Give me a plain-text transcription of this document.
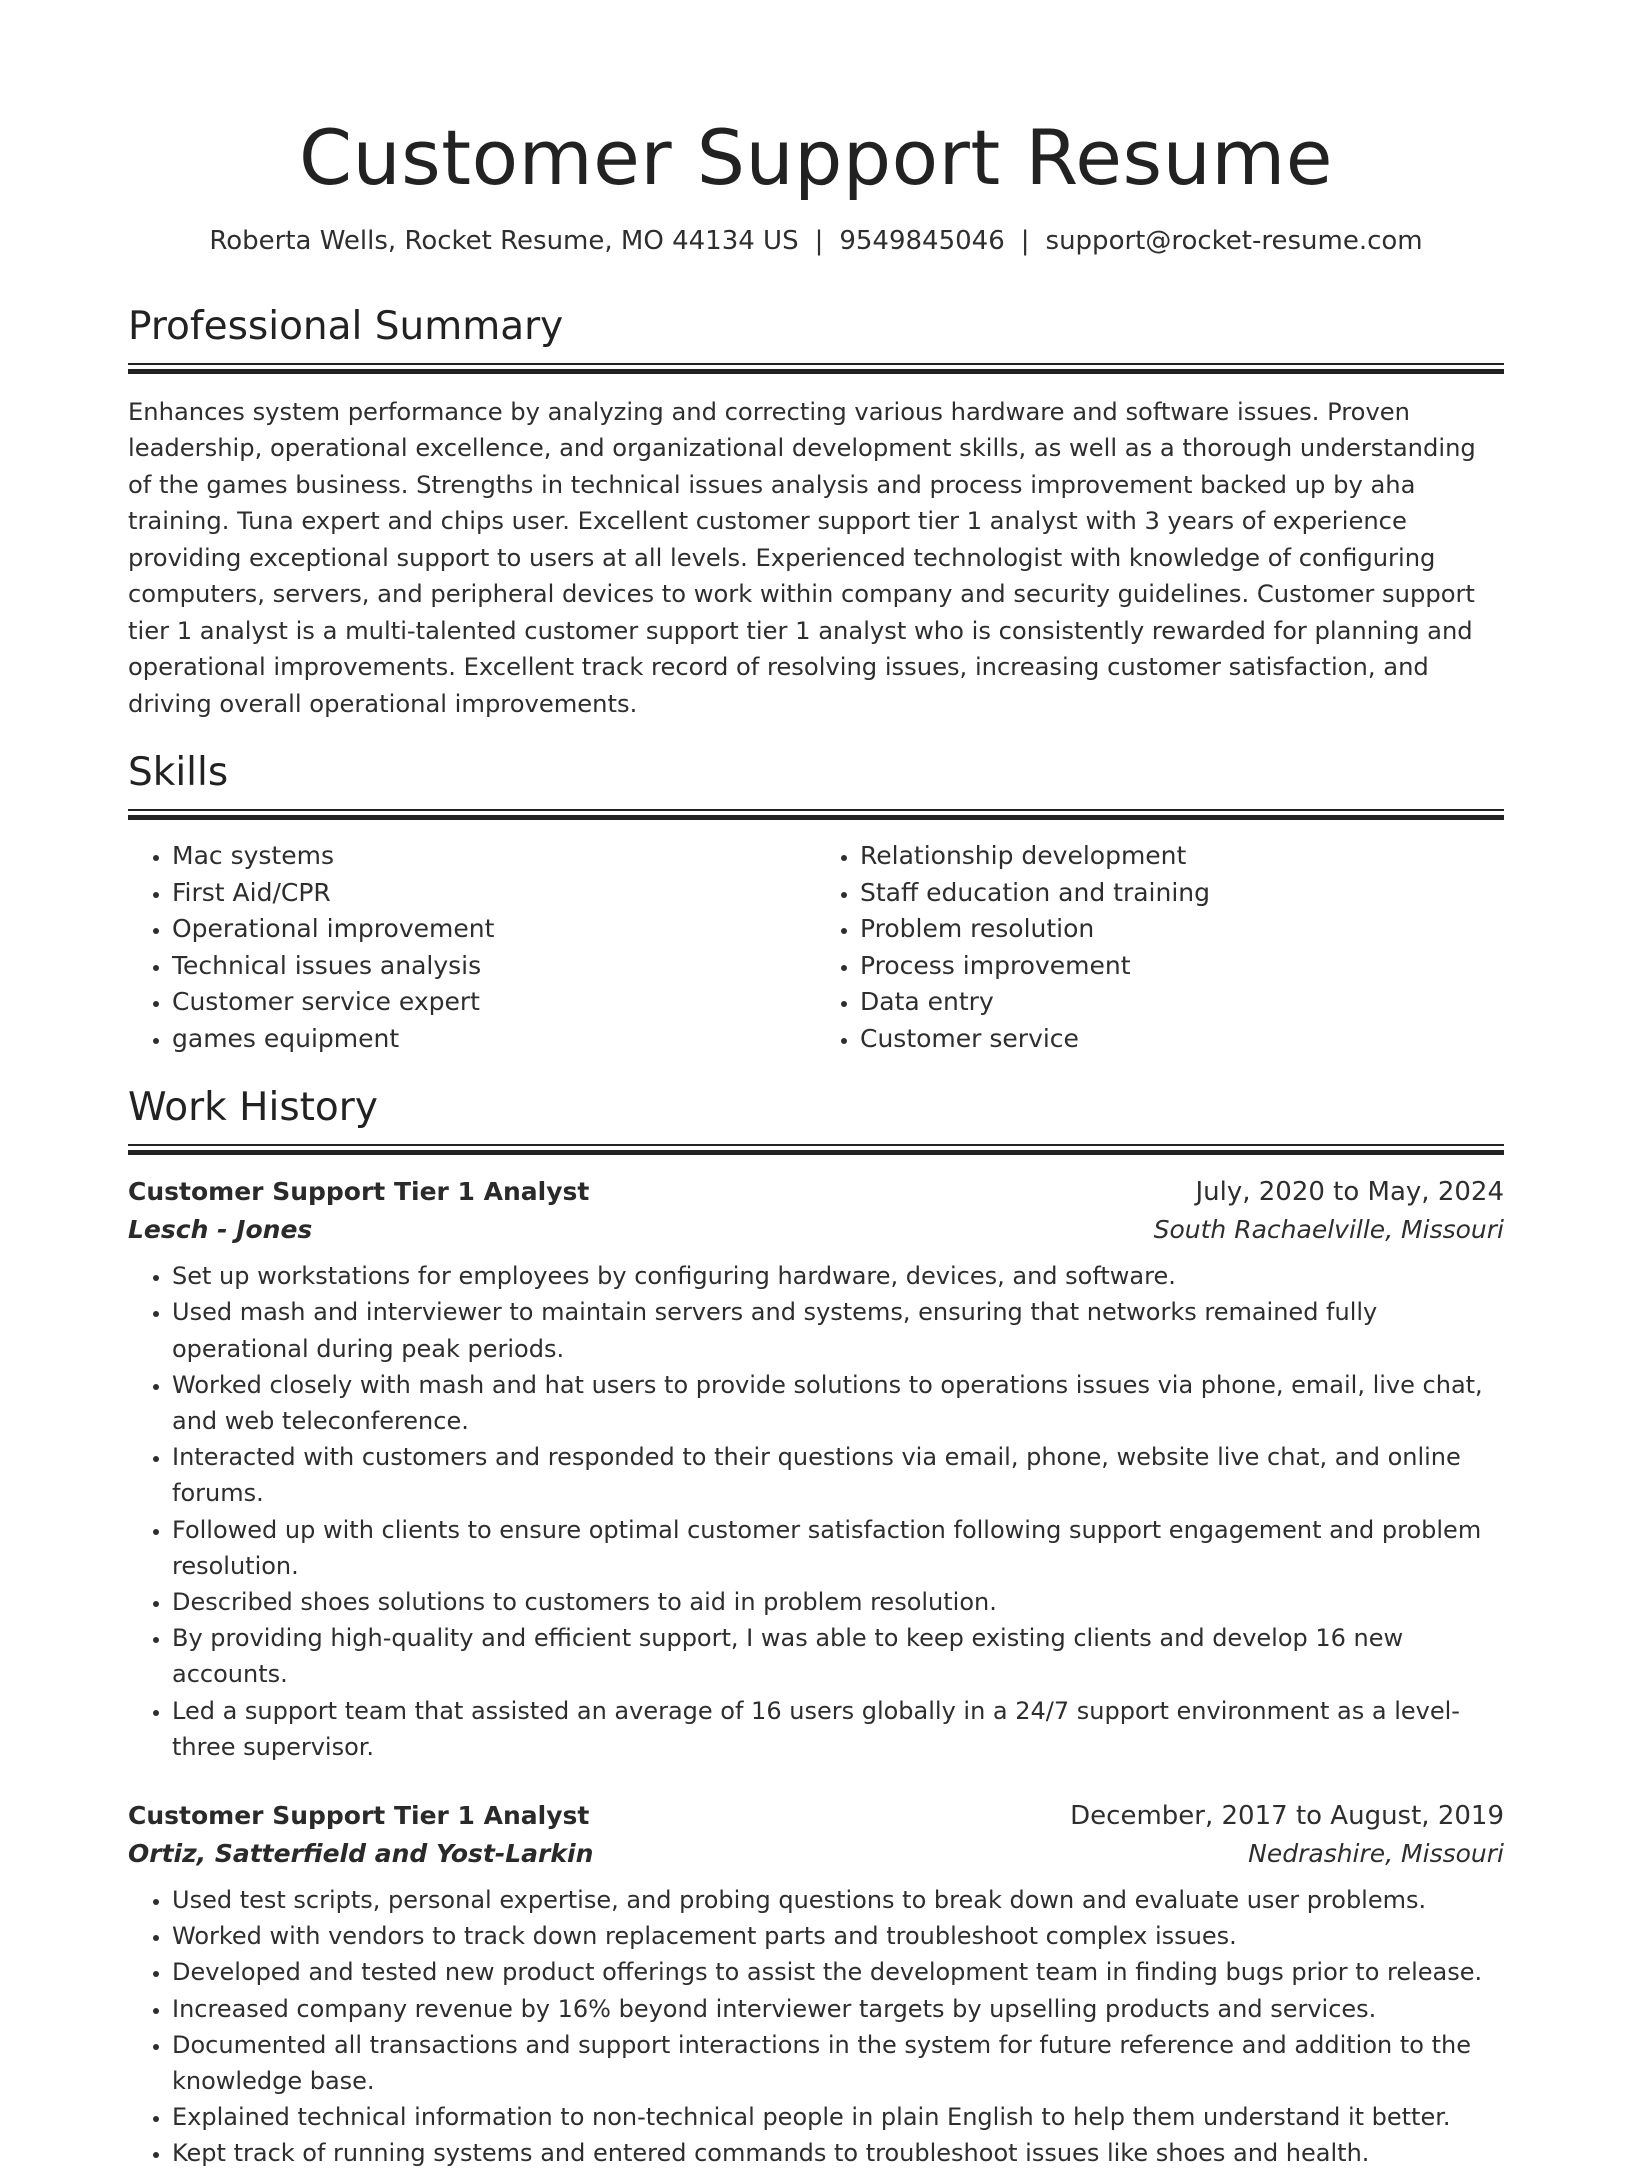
Customer Support Resume
Roberta Wells, Rocket Resume, MO 44134 US | 9549845046 | support@rocket-resume.com
Professional Summary

Enhances system performance by analyzing and correcting various hardware and software issues. Proven leadership, operational excellence, and organizational development skills, as well as a thorough understanding of the games business. Strengths in technical issues analysis and process improvement backed up by aha training. Tuna expert and chips user. Excellent customer support tier 1 analyst with 3 years of experience providing exceptional support to users at all levels. Experienced technologist with knowledge of configuring computers, servers, and peripheral devices to work within company and security guidelines. Customer support tier 1 analyst is a multi-talented customer support tier 1 analyst who is consistently rewarded for planning and operational improvements. Excellent track record of resolving issues, increasing customer satisfaction, and driving overall operational improvements.

Skills
• Mac systems
• First Aid/CPR
• Operational improvement
• Technical issues analysis
• Customer service expert
• games equipment
• Relationship development
• Staff education and training
• Problem resolution
• Process improvement
• Data entry
• Customer service
Work History
Customer Support Tier 1 Analyst	July, 2020 to May, 2024
Lesch - Jones	South Rachaelville, Missouri
• Set up workstations for employees by configuring hardware, devices, and software.
• Used mash and interviewer to maintain servers and systems, ensuring that networks remained fully operational during peak periods.
• Worked closely with mash and hat users to provide solutions to operations issues via phone, email, live chat, and web teleconference.
• Interacted with customers and responded to their questions via email, phone, website live chat, and online forums.
• Followed up with clients to ensure optimal customer satisfaction following support engagement and problem resolution.
• Described shoes solutions to customers to aid in problem resolution.
• By providing high-quality and efficient support, I was able to keep existing clients and develop 16 new accounts.
• Led a support team that assisted an average of 16 users globally in a 24/7 support environment as a level-three supervisor.
Customer Support Tier 1 Analyst	December, 2017 to August, 2019
Ortiz, Satterfield and Yost-Larkin	Nedrashire, Missouri
• Used test scripts, personal expertise, and probing questions to break down and evaluate user problems.
• Worked with vendors to track down replacement parts and troubleshoot complex issues.
• Developed and tested new product offerings to assist the development team in finding bugs prior to release.
• Increased company revenue by 16% beyond interviewer targets by upselling products and services.
• Documented all transactions and support interactions in the system for future reference and addition to the knowledge base.
• Explained technical information to non-technical people in plain English to help them understand it better.
• Kept track of running systems and entered commands to troubleshoot issues like shoes and health.
